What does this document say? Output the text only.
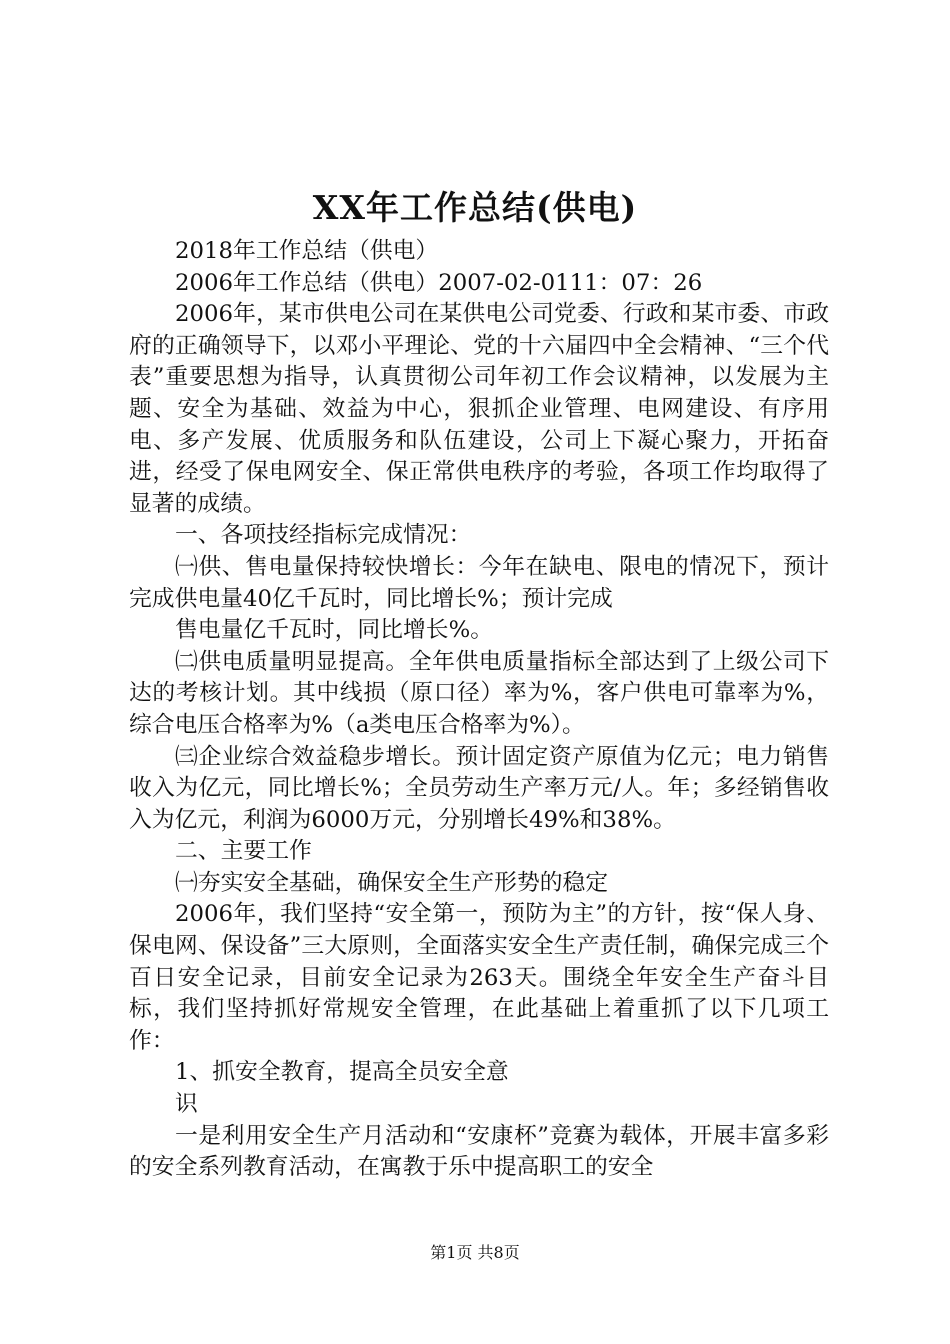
XX年工作总结(供电)

2018年工作总结（供电）

2006年工作总结（供电）2007-02-0111：07：26

2006年，某市供电公司在某供电公司党委、行政和某市委、市政府的正确领导下，以邓小平理论、党的十六届四中全会精神、“三个代表”重要思想为指导，认真贯彻公司年初工作会议精神，以发展为主题、安全为基础、效益为中心，狠抓企业管理、电网建设、有序用电、多产发展、优质服务和队伍建设，公司上下凝心聚力，开拓奋进，经受了保电网安全、保正常供电秩序的考验，各项工作均取得了显著的成绩。

一、各项技经指标完成情况：

㈠供、售电量保持较快增长：今年在缺电、限电的情况下，预计完成供电量40亿千瓦时，同比增长%；预计完成

售电量亿千瓦时，同比增长%。

㈡供电质量明显提高。全年供电质量指标全部达到了上级公司下达的考核计划。其中线损（原口径）率为%，客户供电可靠率为%，综合电压合格率为%（a类电压合格率为%）。

㈢企业综合效益稳步增长。预计固定资产原值为亿元；电力销售收入为亿元，同比增长%；全员劳动生产率万元/人。年；多经销售收入为亿元，利润为6000万元，分别增长49%和38%。

二、主要工作

㈠夯实安全基础，确保安全生产形势的稳定

2006年，我们坚持“安全第一，预防为主”的方针，按“保人身、保电网、保设备”三大原则，全面落实安全生产责任制，确保完成三个百日安全记录，目前安全记录为263天。围绕全年安全生产奋斗目标，我们坚持抓好常规安全管理，在此基础上着重抓了以下几项工作：

1、抓安全教育，提高全员安全意

识

一是利用安全生产月活动和“安康杯”竞赛为载体，开展丰富多彩的安全系列教育活动，在寓教于乐中提高职工的安全

第1页 共8页
